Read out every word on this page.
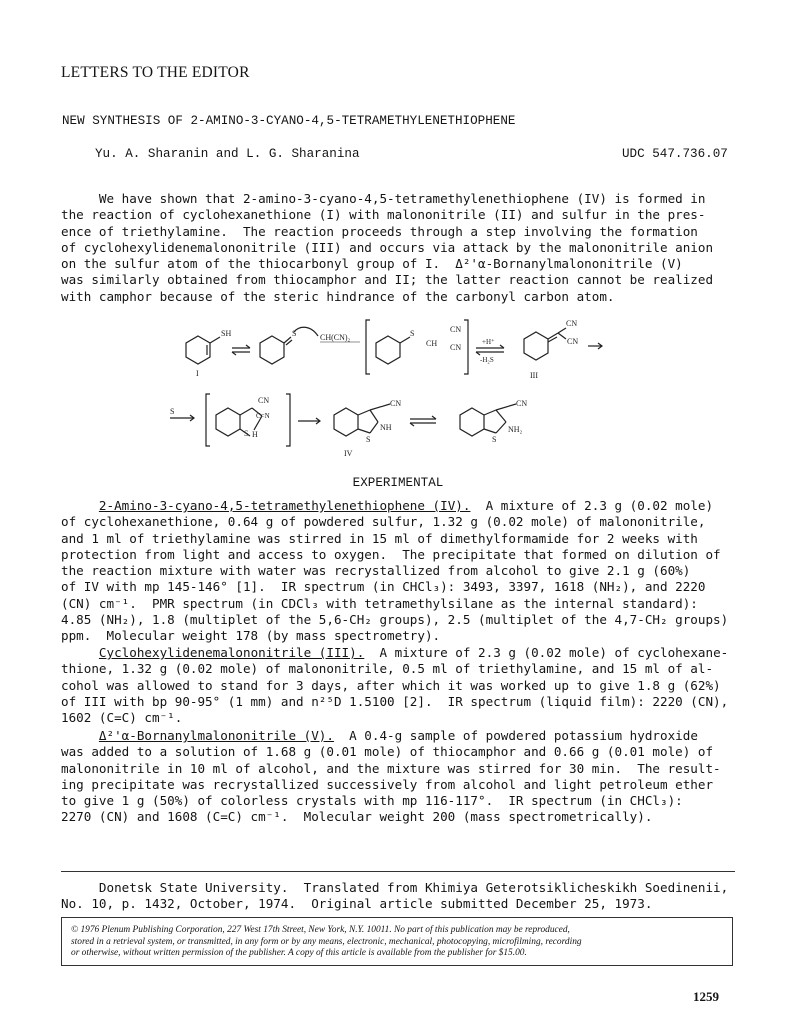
LETTERS TO THE EDITOR
NEW SYNTHESIS OF 2-AMINO-3-CYANO-4,5-TETRAMETHYLENETHIOPHENE
Yu. A. Sharanin and L. G. Sharanina	UDC 547.736.07
We have shown that 2-amino-3-cyano-4,5-tetramethylenethiophene (IV) is formed in
the reaction of cyclohexanethione (I) with malononitrile (II) and sulfur in the pres-
ence of triethylamine.  The reaction proceeds through a step involving the formation
of cyclohexylidenemalononitrile (III) and occurs via attack by the malononitrile anion
on the sulfur atom of the thiocarbonyl group of I.  Δ²'α-Bornanylmalononitrile (V)
was similarly obtained from thiocamphor and II; the latter reaction cannot be realized
with camphor because of the steric hindrance of the carbonyl carbon atom.
SH
I
S	CH(CN)₂	S
CH
CN
CN
+H⁺
-H₂S
CN
CN
III
S
CN
C=N
S H
CN
S
NH
CN
S
NH₂
IV
EXPERIMENTAL
2-Amino-3-cyano-4,5-tetramethylenethiophene (IV).  A mixture of 2.3 g (0.02 mole)
of cyclohexanethione, 0.64 g of powdered sulfur, 1.32 g (0.02 mole) of malononitrile,
and 1 ml of triethylamine was stirred in 15 ml of dimethylformamide for 2 weeks with
protection from light and access to oxygen.  The precipitate that formed on dilution of
the reaction mixture with water was recrystallized from alcohol to give 2.1 g (60%)
of IV with mp 145-146° [1].  IR spectrum (in CHCl₃): 3493, 3397, 1618 (NH₂), and 2220
(CN) cm⁻¹.  PMR spectrum (in CDCl₃ with tetramethylsilane as the internal standard):
4.85 (NH₂), 1.8 (multiplet of the 5,6-CH₂ groups), 2.5 (multiplet of the 4,7-CH₂ groups)
ppm.  Molecular weight 178 (by mass spectrometry).
Cyclohexylidenemalononitrile (III).  A mixture of 2.3 g (0.02 mole) of cyclohexane-
thione, 1.32 g (0.02 mole) of malononitrile, 0.5 ml of triethylamine, and 15 ml of al-
cohol was allowed to stand for 3 days, after which it was worked up to give 1.8 g (62%)
of III with bp 90-95° (1 mm) and n²⁵D 1.5100 [2].  IR spectrum (liquid film): 2220 (CN),
1602 (C=C) cm⁻¹.
Δ²'α-Bornanylmalononitrile (V).  A 0.4-g sample of powdered potassium hydroxide
was added to a solution of 1.68 g (0.01 mole) of thiocamphor and 0.66 g (0.01 mole) of
malononitrile in 10 ml of alcohol, and the mixture was stirred for 30 min.  The result-
ing precipitate was recrystallized successively from alcohol and light petroleum ether
to give 1 g (50%) of colorless crystals with mp 116-117°.  IR spectrum (in CHCl₃):
2270 (CN) and 1608 (C=C) cm⁻¹.  Molecular weight 200 (mass spectrometrically).
Donetsk State University.  Translated from Khimiya Geterotsiklicheskikh Soedinenii,
No. 10, p. 1432, October, 1974.  Original article submitted December 25, 1973.
© 1976 Plenum Publishing Corporation, 227 West 17th Street, New York, N.Y. 10011. No part of this publication may be reproduced,
stored in a retrieval system, or transmitted, in any form or by any means, electronic, mechanical, photocopying, microfilming, recording
or otherwise, without written permission of the publisher. A copy of this article is available from the publisher for $15.00.
1259
